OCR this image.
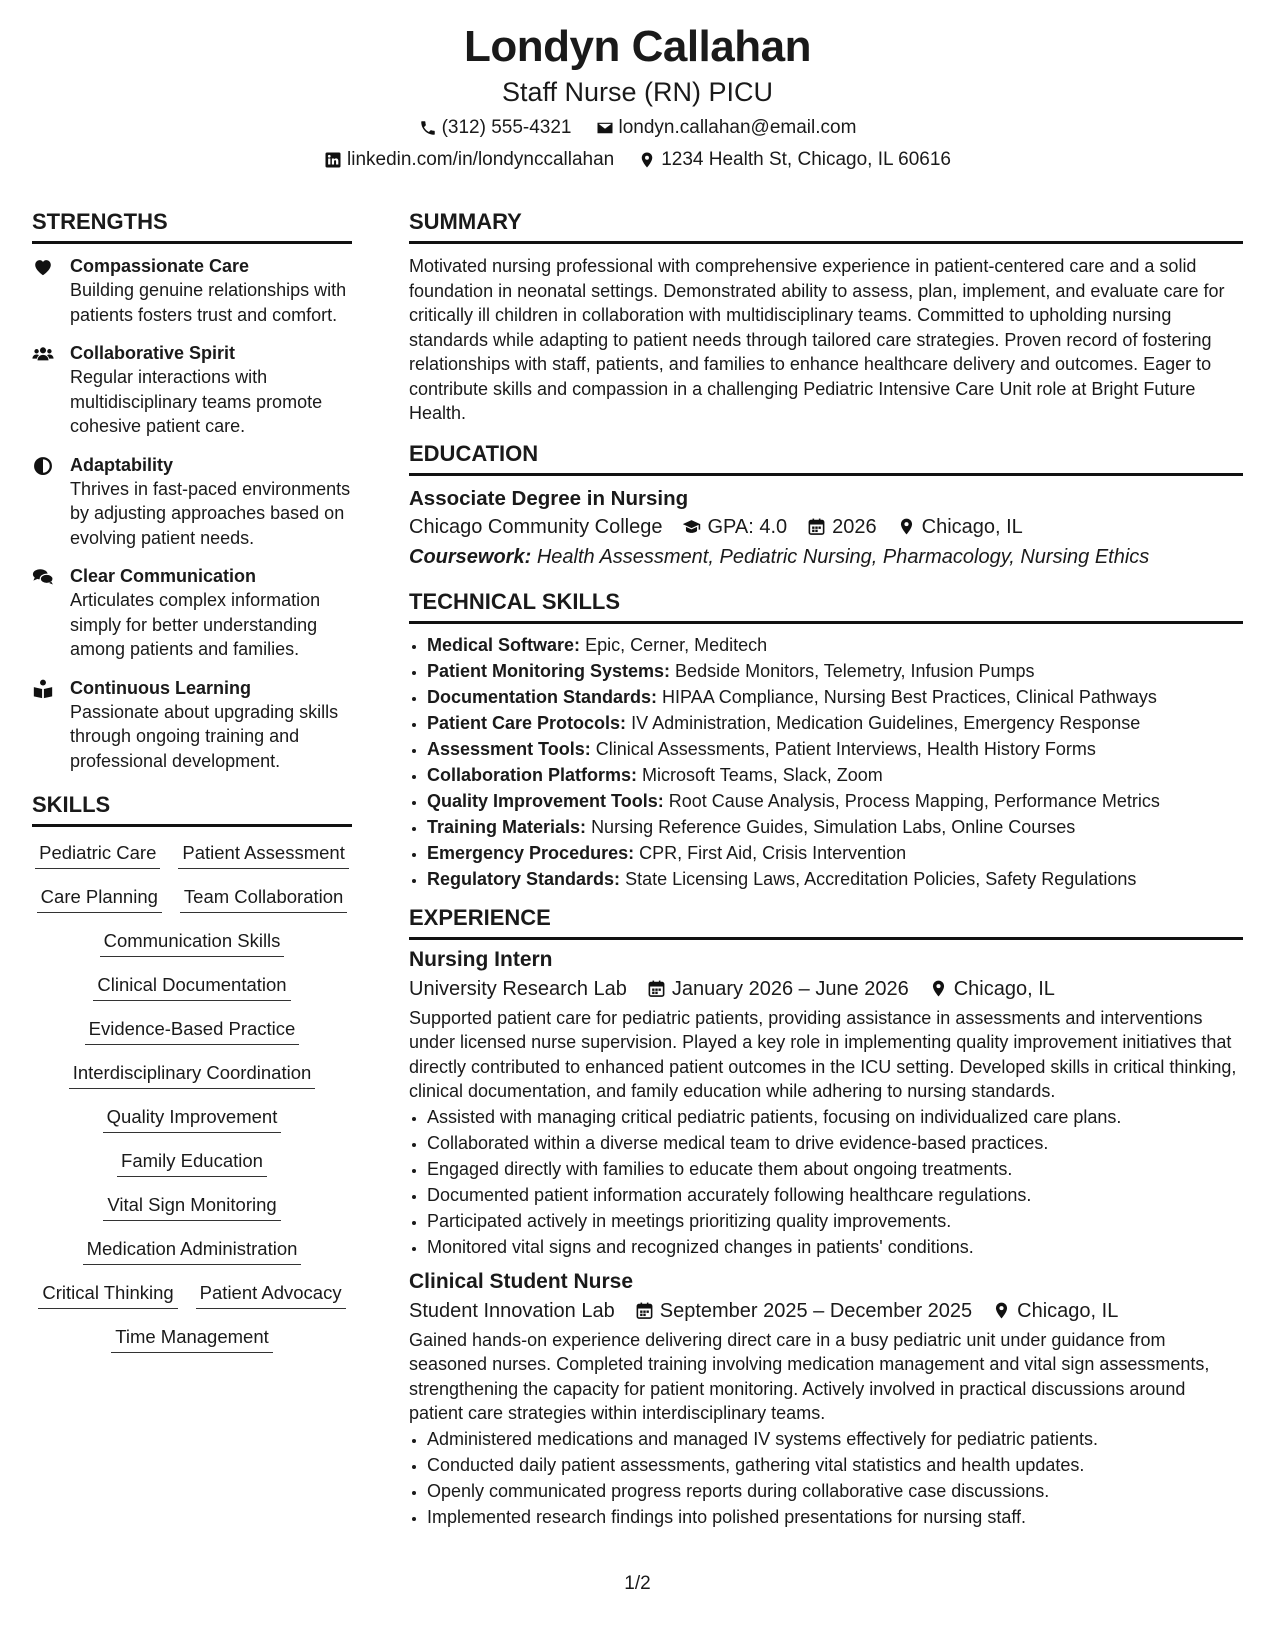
Londyn Callahan
Staff Nurse (RN) PICU
(312) 555-4321 londyn.callahan@email.com
linkedin.com/in/londynccallahan 1234 Health St, Chicago, IL 60616
STRENGTHS
Compassionate Care
Building genuine relationships with patients fosters trust and comfort.
Collaborative Spirit
Regular interactions with multidisciplinary teams promote cohesive patient care.
Adaptability
Thrives in fast-paced environments by adjusting approaches based on evolving patient needs.
Clear Communication
Articulates complex information simply for better understanding among patients and families.
Continuous Learning
Passionate about upgrading skills through ongoing training and professional development.
SKILLS
Pediatric Care Patient Assessment
Care Planning Team Collaboration
Communication Skills
Clinical Documentation
Evidence-Based Practice
Interdisciplinary Coordination
Quality Improvement
Family Education
Vital Sign Monitoring
Medication Administration
Critical Thinking Patient Advocacy
Time Management
SUMMARY
Motivated nursing professional with comprehensive experience in patient-centered care and a solid foundation in neonatal settings. Demonstrated ability to assess, plan, implement, and evaluate care for critically ill children in collaboration with multidisciplinary teams. Committed to upholding nursing standards while adapting to patient needs through tailored care strategies. Proven record of fostering relationships with staff, patients, and families to enhance healthcare delivery and outcomes. Eager to contribute skills and compassion in a challenging Pediatric Intensive Care Unit role at Bright Future Health.
EDUCATION
Associate Degree in Nursing
Chicago Community College GPA: 4.0 2026 Chicago, IL
Coursework: Health Assessment, Pediatric Nursing, Pharmacology, Nursing Ethics
TECHNICAL SKILLS
• Medical Software: Epic, Cerner, Meditech
• Patient Monitoring Systems: Bedside Monitors, Telemetry, Infusion Pumps
• Documentation Standards: HIPAA Compliance, Nursing Best Practices, Clinical Pathways
• Patient Care Protocols: IV Administration, Medication Guidelines, Emergency Response
• Assessment Tools: Clinical Assessments, Patient Interviews, Health History Forms
• Collaboration Platforms: Microsoft Teams, Slack, Zoom
• Quality Improvement Tools: Root Cause Analysis, Process Mapping, Performance Metrics
• Training Materials: Nursing Reference Guides, Simulation Labs, Online Courses
• Emergency Procedures: CPR, First Aid, Crisis Intervention
• Regulatory Standards: State Licensing Laws, Accreditation Policies, Safety Regulations
EXPERIENCE
Nursing Intern
University Research Lab January 2026 – June 2026 Chicago, IL
Supported patient care for pediatric patients, providing assistance in assessments and interventions under licensed nurse supervision. Played a key role in implementing quality improvement initiatives that directly contributed to enhanced patient outcomes in the ICU setting. Developed skills in critical thinking, clinical documentation, and family education while adhering to nursing standards.
• Assisted with managing critical pediatric patients, focusing on individualized care plans.
• Collaborated within a diverse medical team to drive evidence-based practices.
• Engaged directly with families to educate them about ongoing treatments.
• Documented patient information accurately following healthcare regulations.
• Participated actively in meetings prioritizing quality improvements.
• Monitored vital signs and recognized changes in patients' conditions.
Clinical Student Nurse
Student Innovation Lab September 2025 – December 2025 Chicago, IL
Gained hands-on experience delivering direct care in a busy pediatric unit under guidance from seasoned nurses. Completed training involving medication management and vital sign assessments, strengthening the capacity for patient monitoring. Actively involved in practical discussions around patient care strategies within interdisciplinary teams.
• Administered medications and managed IV systems effectively for pediatric patients.
• Conducted daily patient assessments, gathering vital statistics and health updates.
• Openly communicated progress reports during collaborative case discussions.
• Implemented research findings into polished presentations for nursing staff.
1/2
